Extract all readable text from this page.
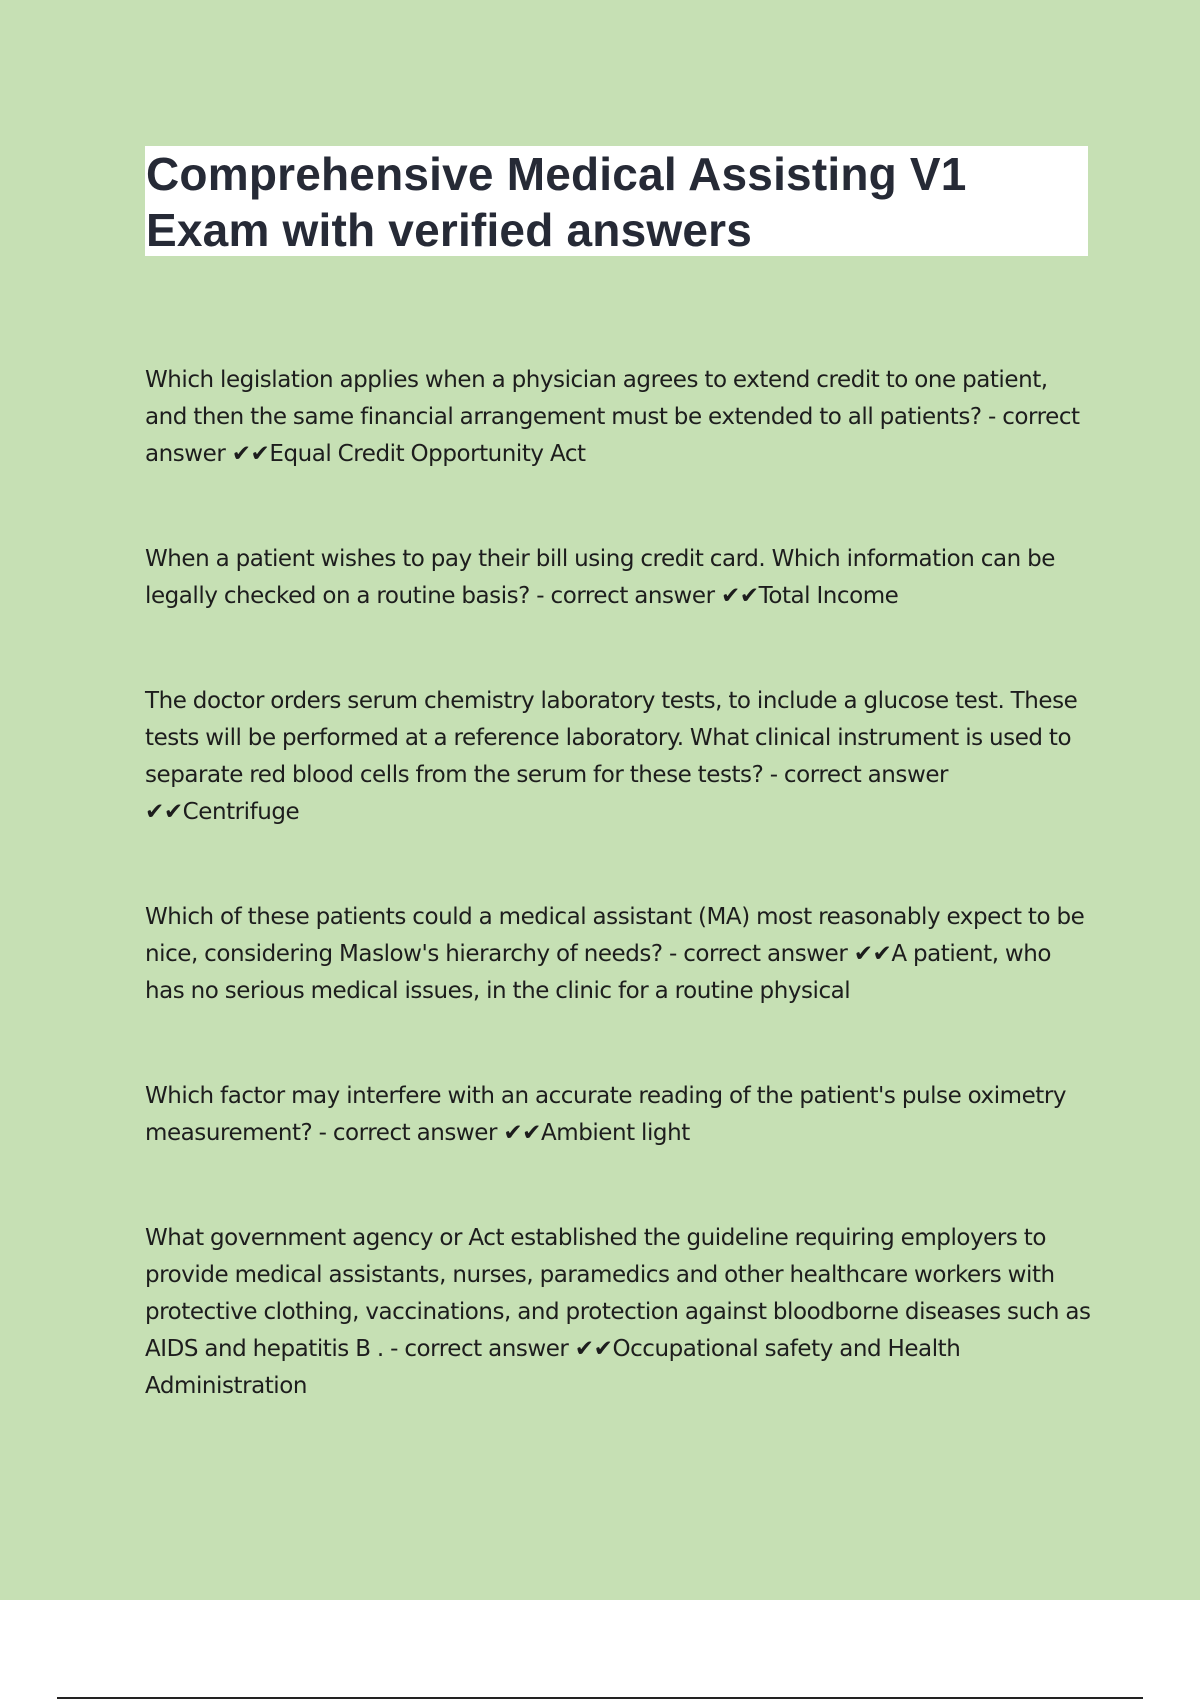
Comprehensive Medical Assisting V1 Exam with verified answers
Which legislation applies when a physician agrees to extend credit to one patient, and then the same financial arrangement must be extended to all patients? - correct answer ✔✔Equal Credit Opportunity Act
When a patient wishes to pay their bill using credit card. Which information can be legally checked on a routine basis? - correct answer ✔✔Total Income
The doctor orders serum chemistry laboratory tests, to include a glucose test. These tests will be performed at a reference laboratory. What clinical instrument is used to separate red blood cells from the serum for these tests? - correct answer ✔✔Centrifuge
Which of these patients could a medical assistant (MA) most reasonably expect to be nice, considering Maslow's hierarchy of needs? - correct answer ✔✔A patient, who has no serious medical issues, in the clinic for a routine physical
Which factor may interfere with an accurate reading of the patient's pulse oximetry measurement? - correct answer ✔✔Ambient light
What government agency or Act established the guideline requiring employers to provide medical assistants, nurses, paramedics and other healthcare workers with protective clothing, vaccinations, and protection against bloodborne diseases such as AIDS and hepatitis B . - correct answer ✔✔Occupational safety and Health Administration
